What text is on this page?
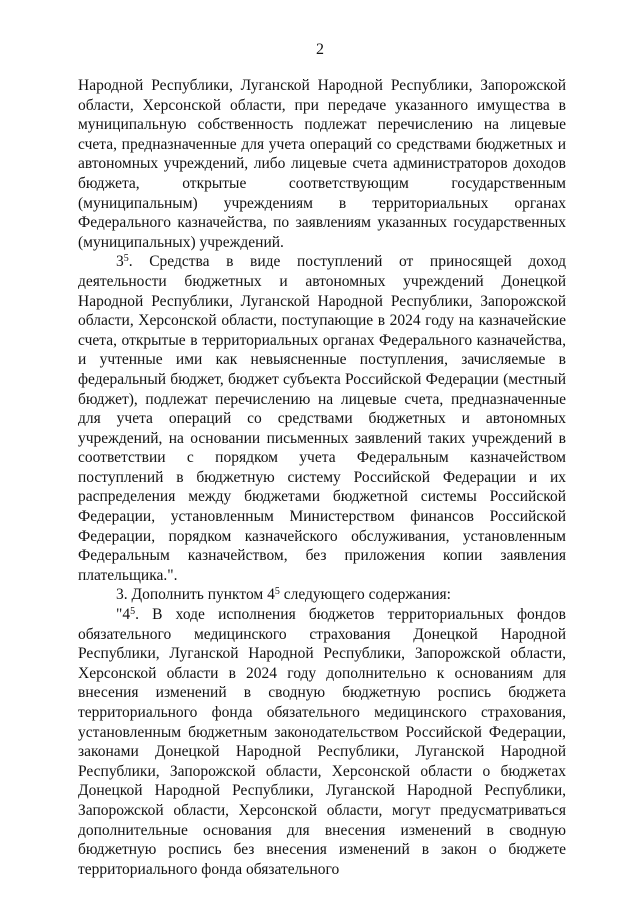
2

Народной Республики, Луганской Народной Республики, Запорожской области, Херсонской области, при передаче указанного имущества в муниципальную собственность подлежат перечислению на лицевые счета, предназначенные для учета операций со средствами бюджетных и автономных учреждений, либо лицевые счета администраторов доходов бюджета, открытые соответствующим государственным (муниципальным) учреждениям в территориальных органах Федерального казначейства, по заявлениям указанных государственных (муниципальных) учреждений.

$3^5$. Средства в виде поступлений от приносящей доход деятельности бюджетных и автономных учреждений Донецкой Народной Республики, Луганской Народной Республики, Запорожской области, Херсонской области, поступающие в 2024 году на казначейские счета, открытые в территориальных органах Федерального казначейства, и учтенные ими как невыясненные поступления, зачисляемые в федеральный бюджет, бюджет субъекта Российской Федерации (местный бюджет), подлежат перечислению на лицевые счета, предназначенные для учета операций со средствами бюджетных и автономных учреждений, на основании письменных заявлений таких учреждений в соответствии с порядком учета Федеральным казначейством поступлений в бюджетную систему Российской Федерации и их распределения между бюджетами бюджетной системы Российской Федерации, установленным Министерством финансов Российской Федерации, порядком казначейского обслуживания, установленным Федеральным казначейством, без приложения копии заявления плательщика.".

3. Дополнить пунктом $4^5$ следующего содержания:

"$4^5$. В ходе исполнения бюджетов территориальных фондов обязательного медицинского страхования Донецкой Народной Республики, Луганской Народной Республики, Запорожской области, Херсонской области в 2024 году дополнительно к основаниям для внесения изменений в сводную бюджетную роспись бюджета территориального фонда обязательного медицинского страхования, установленным бюджетным законодательством Российской Федерации, законами Донецкой Народной Республики, Луганской Народной Республики, Запорожской области, Херсонской области о бюджетах Донецкой Народной Республики, Луганской Народной Республики, Запорожской области, Херсонской области, могут предусматриваться дополнительные основания для внесения изменений в сводную бюджетную роспись без внесения изменений в закон о бюджете территориального фонда обязательного
